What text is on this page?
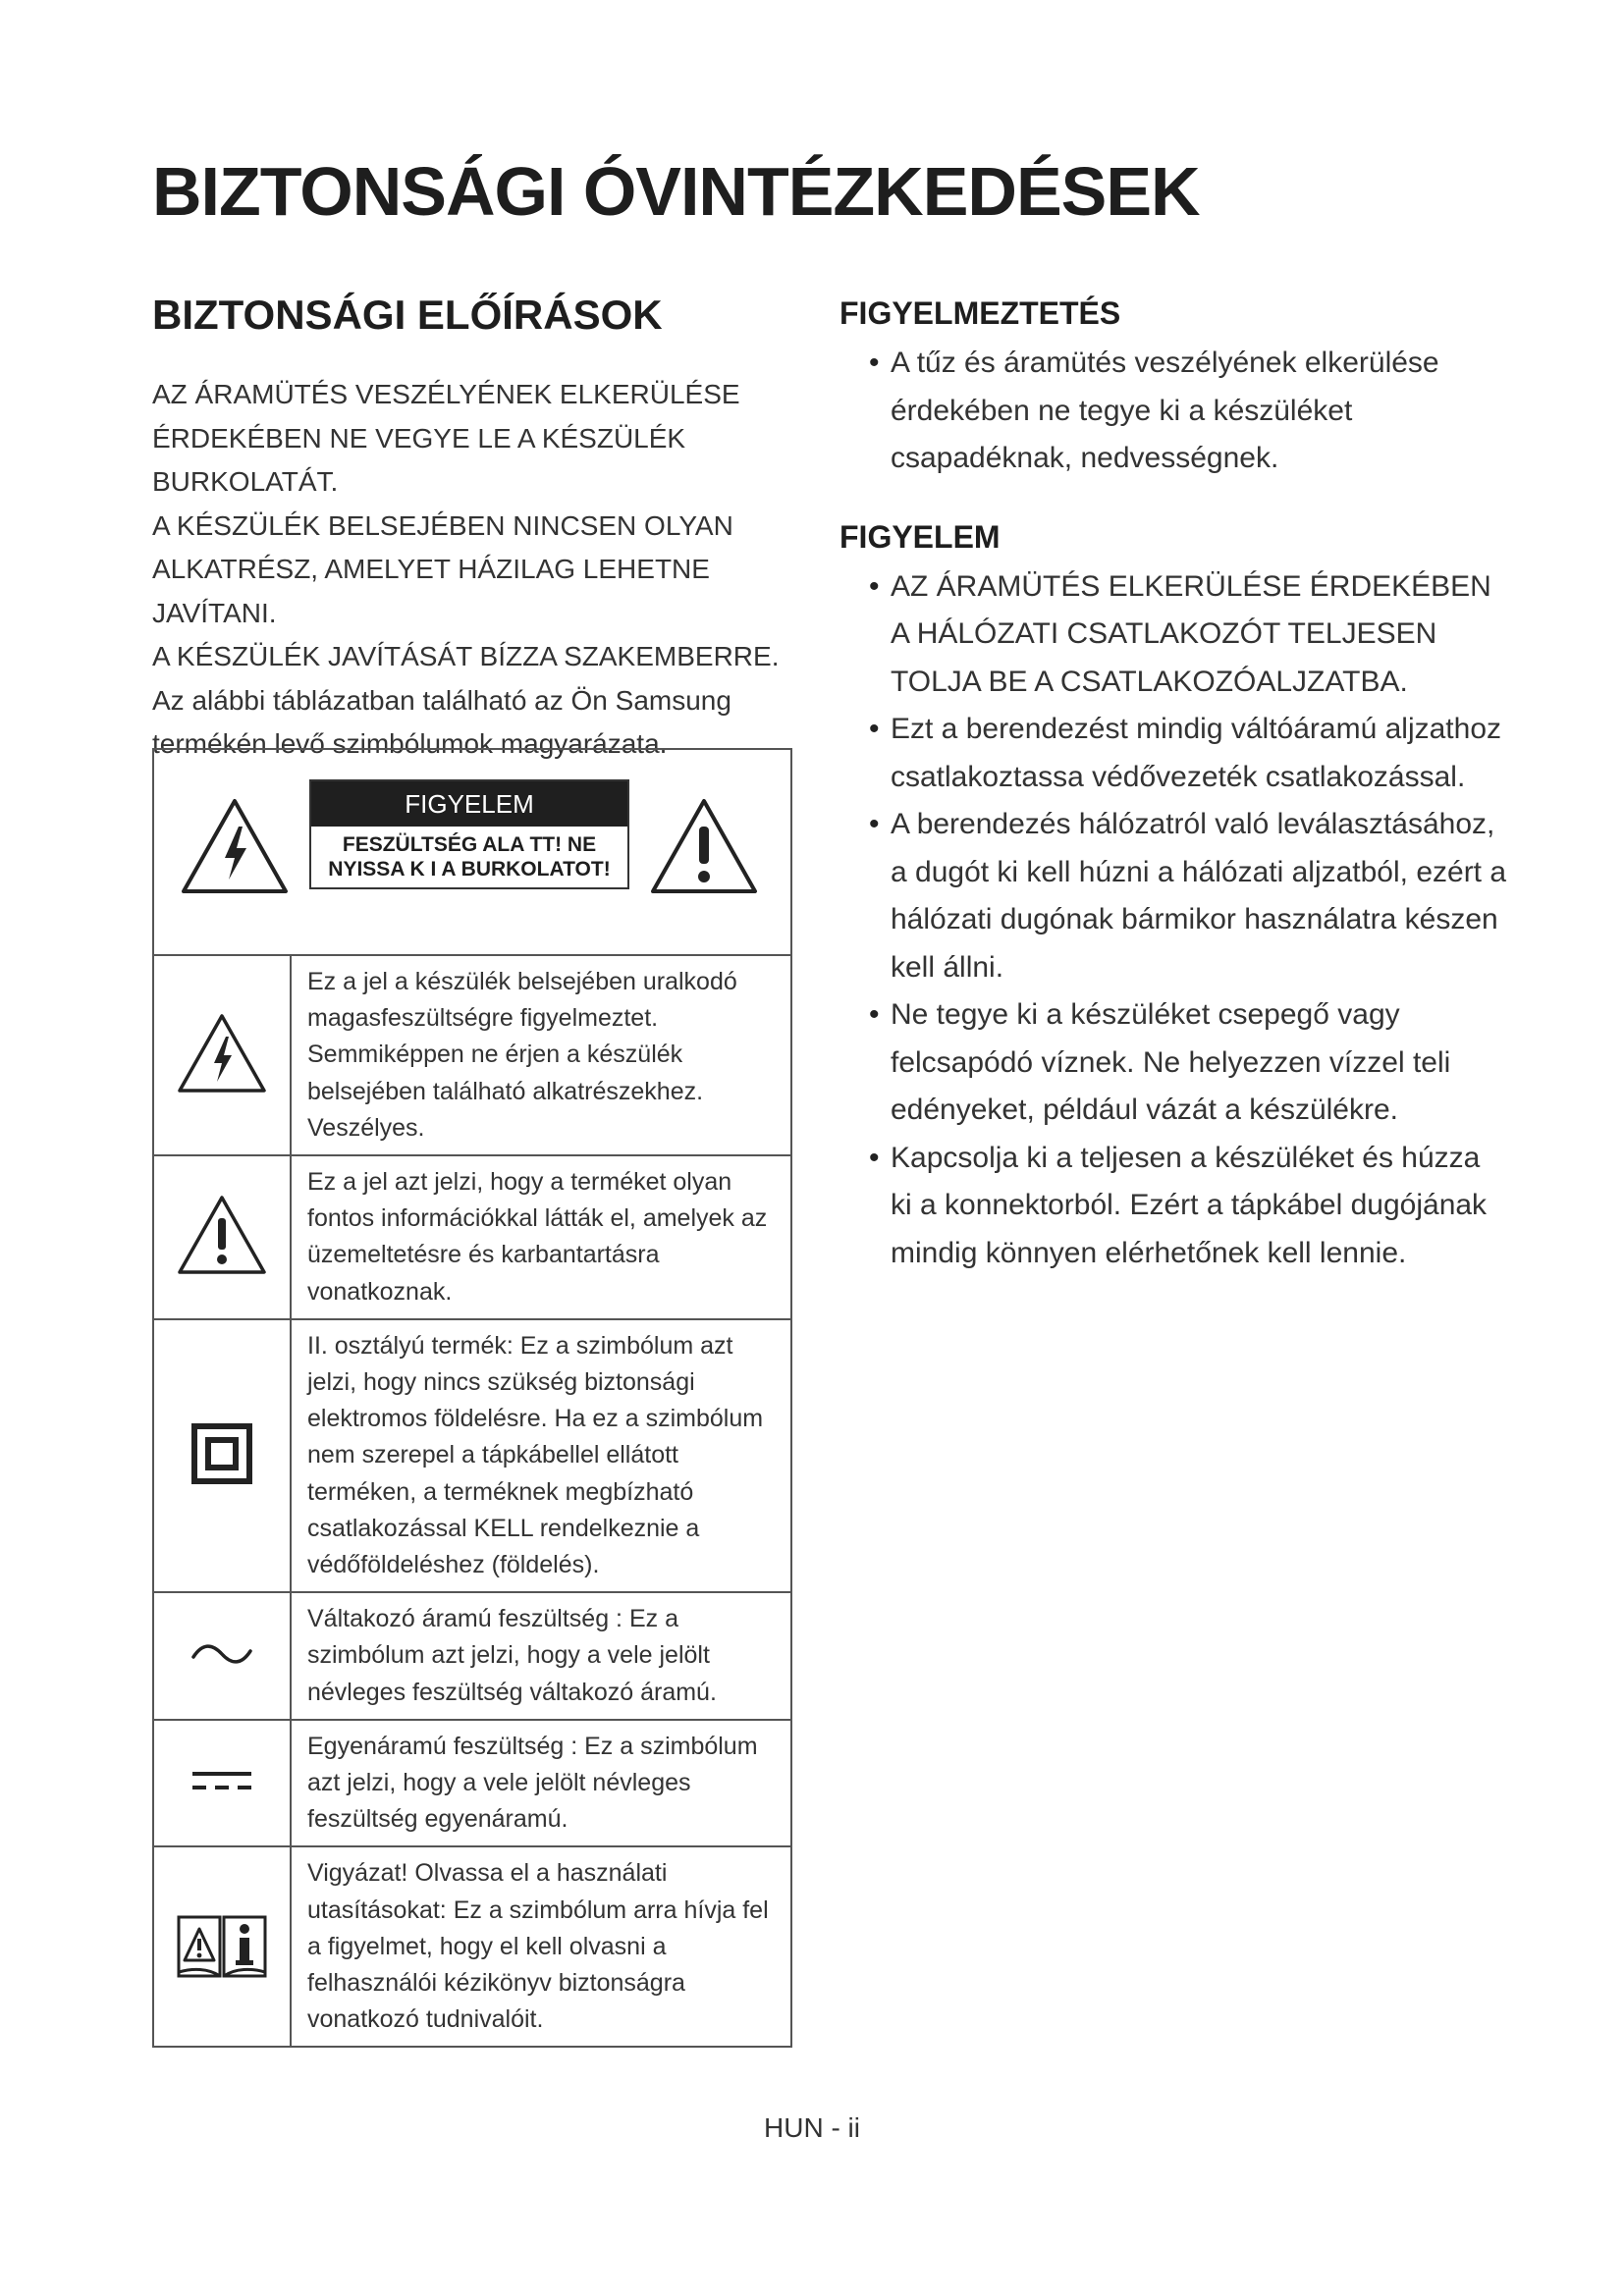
BIZTONSÁGI ÓVINTÉZKEDÉSEK
BIZTONSÁGI ELŐÍRÁSOK

AZ ÁRAMÜTÉS VESZÉLYÉNEK ELKERÜLÉSE ÉRDEKÉBEN NE VEGYE LE A KÉSZÜLÉK BURKOLATÁT.

A KÉSZÜLÉK BELSEJÉBEN NINCSEN OLYAN ALKATRÉSZ, AMELYET HÁZILAG LEHETNE JAVÍTANI.

A KÉSZÜLÉK JAVÍTÁSÁT BÍZZA SZAKEMBERRE.

Az alábbi táblázatban található az Ön Samsung termékén levő szimbólumok magyarázata.

FIGYELEM
FESZÜLTSÉG ALA TT! NE NYISSA K I A BURKOLATOT!	

	Ez a jel a készülék belsejében uralkodó magasfeszültségre figyelmeztet. Semmiképpen ne érjen a készülék belsejében található alkatrészekhez. Veszélyes.
	Ez a jel azt jelzi, hogy a terméket olyan fontos információkkal látták el, amelyek az üzemeltetésre és karbantartásra vonatkoznak.
	II. osztályú termék: Ez a szimbólum azt jelzi, hogy nincs szükség biztonsági elektromos földelésre. Ha ez a szimbólum nem szerepel a tápkábellel ellátott terméken, a terméknek megbízható csatlakozással KELL rendelkeznie a védőföldeléshez (földelés).
	Váltakozó áramú feszültség : Ez a szimbólum azt jelzi, hogy a vele jelölt névleges feszültség váltakozó áramú.
	Egyenáramú feszültség : Ez a szimbólum azt jelzi, hogy a vele jelölt névleges feszültség egyenáramú.
	Vigyázat! Olvassa el a használati utasításokat: Ez a szimbólum arra hívja fel a figyelmet, hogy el kell olvasni a felhasználói kézikönyv biztonságra vonatkozó tudnivalóit.
FIGYELMEZTETÉS
• A tűz és áramütés veszélyének elkerülése érdekében ne tegye ki a készüléket csapadéknak, nedvességnek.
FIGYELEM
• AZ ÁRAMÜTÉS ELKERÜLÉSE ÉRDEKÉBEN A HÁLÓZATI CSATLAKOZÓT TELJESEN TOLJA BE A CSATLAKOZÓALJZATBA.
• Ezt a berendezést mindig váltóáramú aljzathoz csatlakoztassa védővezeték csatlakozással.
• A berendezés hálózatról való leválasztásához, a dugót ki kell húzni a hálózati aljzatból, ezért a hálózati dugónak bármikor használatra készen kell állni.
• Ne tegye ki a készüléket csepegő vagy felcsapódó víznek. Ne helyezzen vízzel teli edényeket, például vázát a készülékre.
• Kapcsolja ki a teljesen a készüléket és húzza ki a konnektorból. Ezért a tápkábel dugójának mindig könnyen elérhetőnek kell lennie.
HUN - ii
